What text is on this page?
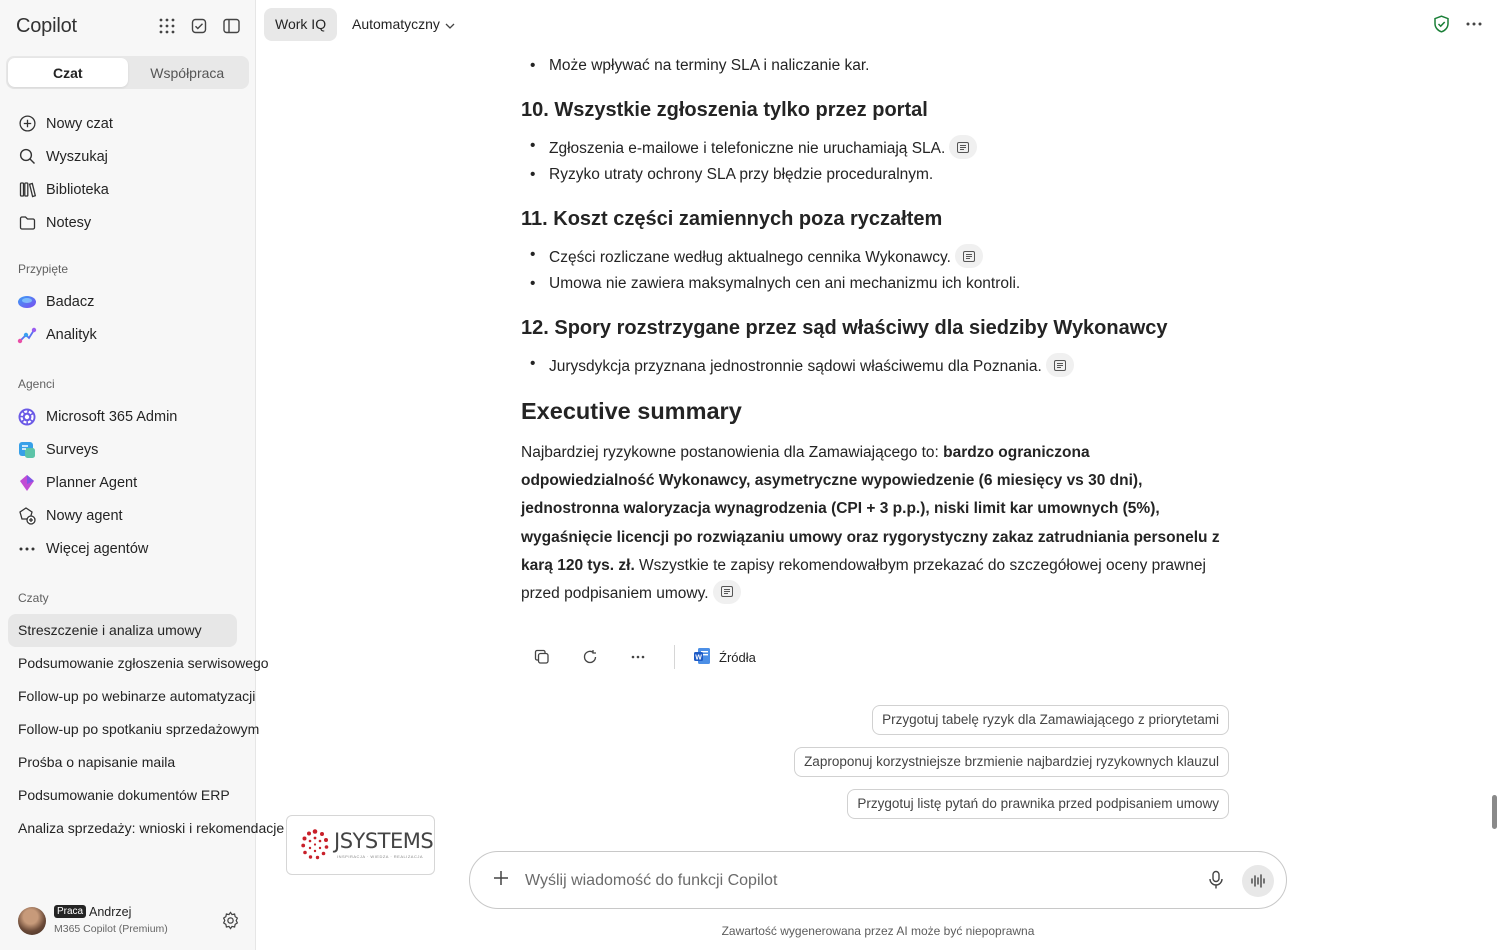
Copilot
Czat	Współpraca
Nowy czat
Wyszukaj
Biblioteka
Notesy
Przypięte
Badacz
Analityk
Agenci
Microsoft 365 Admin
Surveys
Planner Agent
Nowy agent
Więcej agentów
Czaty
Streszczenie i analiza umowy
Podsumowanie zgłoszenia serwisowego
Follow-up po webinarze automatyzacji
Follow-up po spotkaniu sprzedażowym
Prośba o napisanie maila
Podsumowanie dokumentów ERP
Analiza sprzedaży: wnioski i rekomendacje
Praca Andrzej
M365 Copilot (Premium)
Work IQ	Automatyczny
• Może wpływać na terminy SLA i naliczanie kar.
10. Wszystkie zgłoszenia tylko przez portal
• Zgłoszenia e-mailowe i telefoniczne nie uruchamiają SLA.
• Ryzyko utraty ochrony SLA przy błędzie proceduralnym.
11. Koszt części zamiennych poza ryczałtem
• Części rozliczane według aktualnego cennika Wykonawcy.
• Umowa nie zawiera maksymalnych cen ani mechanizmu ich kontroli.
12. Spory rozstrzygane przez sąd właściwy dla siedziby Wykonawcy
• Jurysdykcja przyznana jednostronnie sądowi właściwemu dla Poznania.
Executive summary
Najbardziej ryzykowne postanowienia dla Zamawiającego to: bardzo ograniczona odpowiedzialność Wykonawcy, asymetryczne wypowiedzenie (6 miesięcy vs 30 dni), jednostronna waloryzacja wynagrodzenia (CPI + 3 p.p.), niski limit kar umownych (5%), wygaśnięcie licencji po rozwiązaniu umowy oraz rygorystyczny zakaz zatrudniania personelu z karą 120 tys. zł. Wszystkie te zapisy rekomendowałbym przekazać do szczegółowej oceny prawnej przed podpisaniem umowy.
W Źródła
Przygotuj tabelę ryzyk dla Zamawiającego z priorytetami
Zaproponuj korzystniejsze brzmienie najbardziej ryzykownych klauzul
Przygotuj listę pytań do prawnika przed podpisaniem umowy
JSYSTEMS
INSPIRACJA · WIEDZA · REALIZACJA
Wyślij wiadomość do funkcji Copilot
Zawartość wygenerowana przez AI może być niepoprawna
